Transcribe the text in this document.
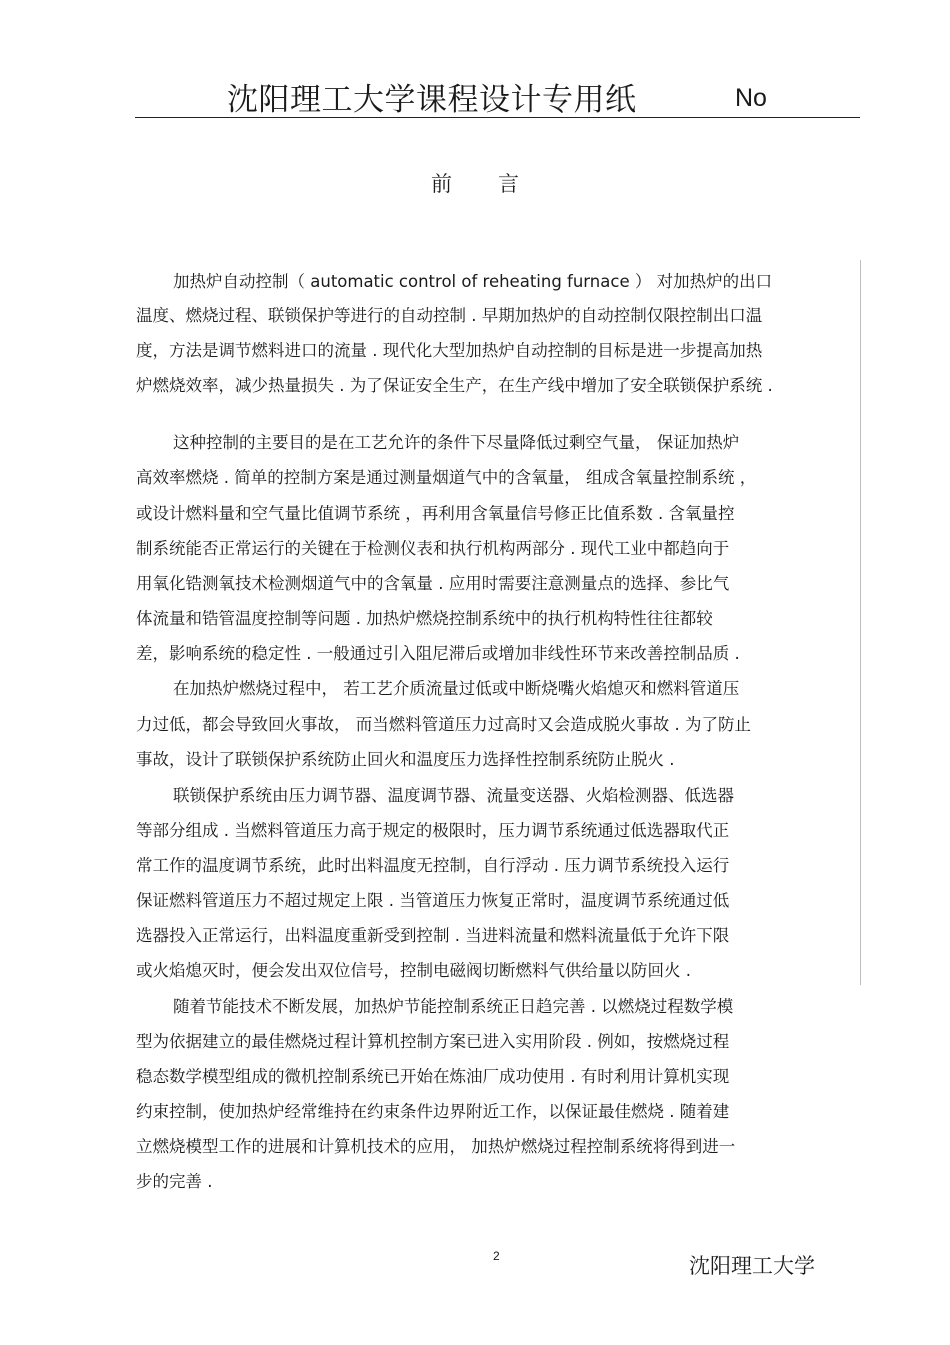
沈阳理工大学课程设计专用纸	No
前言
加热炉自动控制（ automatic control of reheating furnace ） 对加热炉的出口
温度、燃烧过程、联锁保护等进行的自动控制 . 早期加热炉的自动控制仅限控制出口温
度，方法是调节燃料进口的流量 . 现代化大型加热炉自动控制的目标是进一步提高加热
炉燃烧效率，减少热量损失 . 为了保证安全生产，在生产线中增加了安全联锁保护系统 .
这种控制的主要目的是在工艺允许的条件下尽量降低过剩空气量， 保证加热炉
高效率燃烧 . 简单的控制方案是通过测量烟道气中的含氧量， 组成含氧量控制系统 ，
或设计燃料量和空气量比值调节系统 ，再利用含氧量信号修正比值系数 . 含氧量控
制系统能否正常运行的关键在于检测仪表和执行机构两部分 . 现代工业中都趋向于
用氧化锆测氧技术检测烟道气中的含氧量 . 应用时需要注意测量点的选择、参比气
体流量和锆管温度控制等问题 . 加热炉燃烧控制系统中的执行机构特性往往都较
差，影响系统的稳定性 . 一般通过引入阻尼滞后或增加非线性环节来改善控制品质 .
在加热炉燃烧过程中， 若工艺介质流量过低或中断烧嘴火焰熄灭和燃料管道压
力过低，都会导致回火事故， 而当燃料管道压力过高时又会造成脱火事故 . 为了防止
事故，设计了联锁保护系统防止回火和温度压力选择性控制系统防止脱火 .
联锁保护系统由压力调节器、温度调节器、流量变送器、火焰检测器、低选器
等部分组成 . 当燃料管道压力高于规定的极限时，压力调节系统通过低选器取代正
常工作的温度调节系统，此时出料温度无控制，自行浮动 . 压力调节系统投入运行
保证燃料管道压力不超过规定上限 . 当管道压力恢复正常时，温度调节系统通过低
选器投入正常运行，出料温度重新受到控制 . 当进料流量和燃料流量低于允许下限
或火焰熄灭时，便会发出双位信号，控制电磁阀切断燃料气供给量以防回火 .
随着节能技术不断发展，加热炉节能控制系统正日趋完善 . 以燃烧过程数学模
型为依据建立的最佳燃烧过程计算机控制方案已进入实用阶段 . 例如，按燃烧过程
稳态数学模型组成的微机控制系统已开始在炼油厂成功使用 . 有时利用计算机实现
约束控制，使加热炉经常维持在约束条件边界附近工作，以保证最佳燃烧 . 随着建
立燃烧模型工作的进展和计算机技术的应用， 加热炉燃烧过程控制系统将得到进一
步的完善 .
2	沈阳理工大学
